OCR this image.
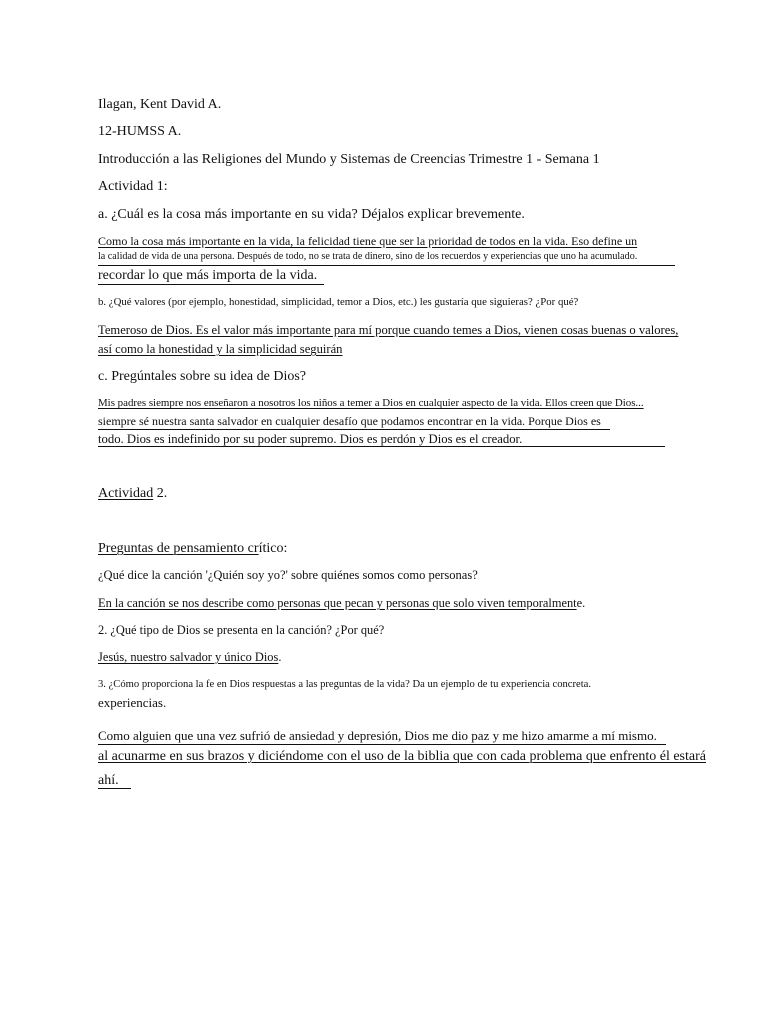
Ilagan, Kent David A.
12-HUMSS A.
Introducción a las Religiones del Mundo y Sistemas de Creencias Trimestre 1 - Semana 1
Actividad 1:
a. ¿Cuál es la cosa más importante en su vida? Déjalos explicar brevemente.
Como la cosa más importante en la vida, la felicidad tiene que ser la prioridad de todos en la vida. Eso define un
la calidad de vida de una persona. Después de todo, no se trata de dinero, sino de los recuerdos y experiencias que uno ha acumulado.
recordar lo que más importa de la vida.
b. ¿Qué valores (por ejemplo, honestidad, simplicidad, temor a Dios, etc.) les gustaría que siguieras? ¿Por qué?
Temeroso de Dios. Es el valor más importante para mí porque cuando temes a Dios, vienen cosas buenas o valores,
así como la honestidad y la simplicidad seguirán
c. Pregúntales sobre su idea de Dios?
Mis padres siempre nos enseñaron a nosotros los niños a temer a Dios en cualquier aspecto de la vida. Ellos creen que Dios...
siempre sé nuestra santa salvador en cualquier desafío que podamos encontrar en la vida. Porque Dios es
todo. Dios es indefinido por su poder supremo. Dios es perdón y Dios es el creador.
Actividad 2.
Preguntas de pensamiento crítico:
¿Qué dice la canción '¿Quién soy yo?' sobre quiénes somos como personas?
En la canción se nos describe como personas que pecan y personas que solo viven temporalmente.
2. ¿Qué tipo de Dios se presenta en la canción? ¿Por qué?
Jesús, nuestro salvador y único Dios.
3. ¿Cómo proporciona la fe en Dios respuestas a las preguntas de la vida? Da un ejemplo de tu experiencia concreta.
experiencias.
Como alguien que una vez sufrió de ansiedad y depresión, Dios me dio paz y me hizo amarme a mí mismo.
al acunarme en sus brazos y diciéndome con el uso de la biblia que con cada problema que enfrento él estará
ahí.
